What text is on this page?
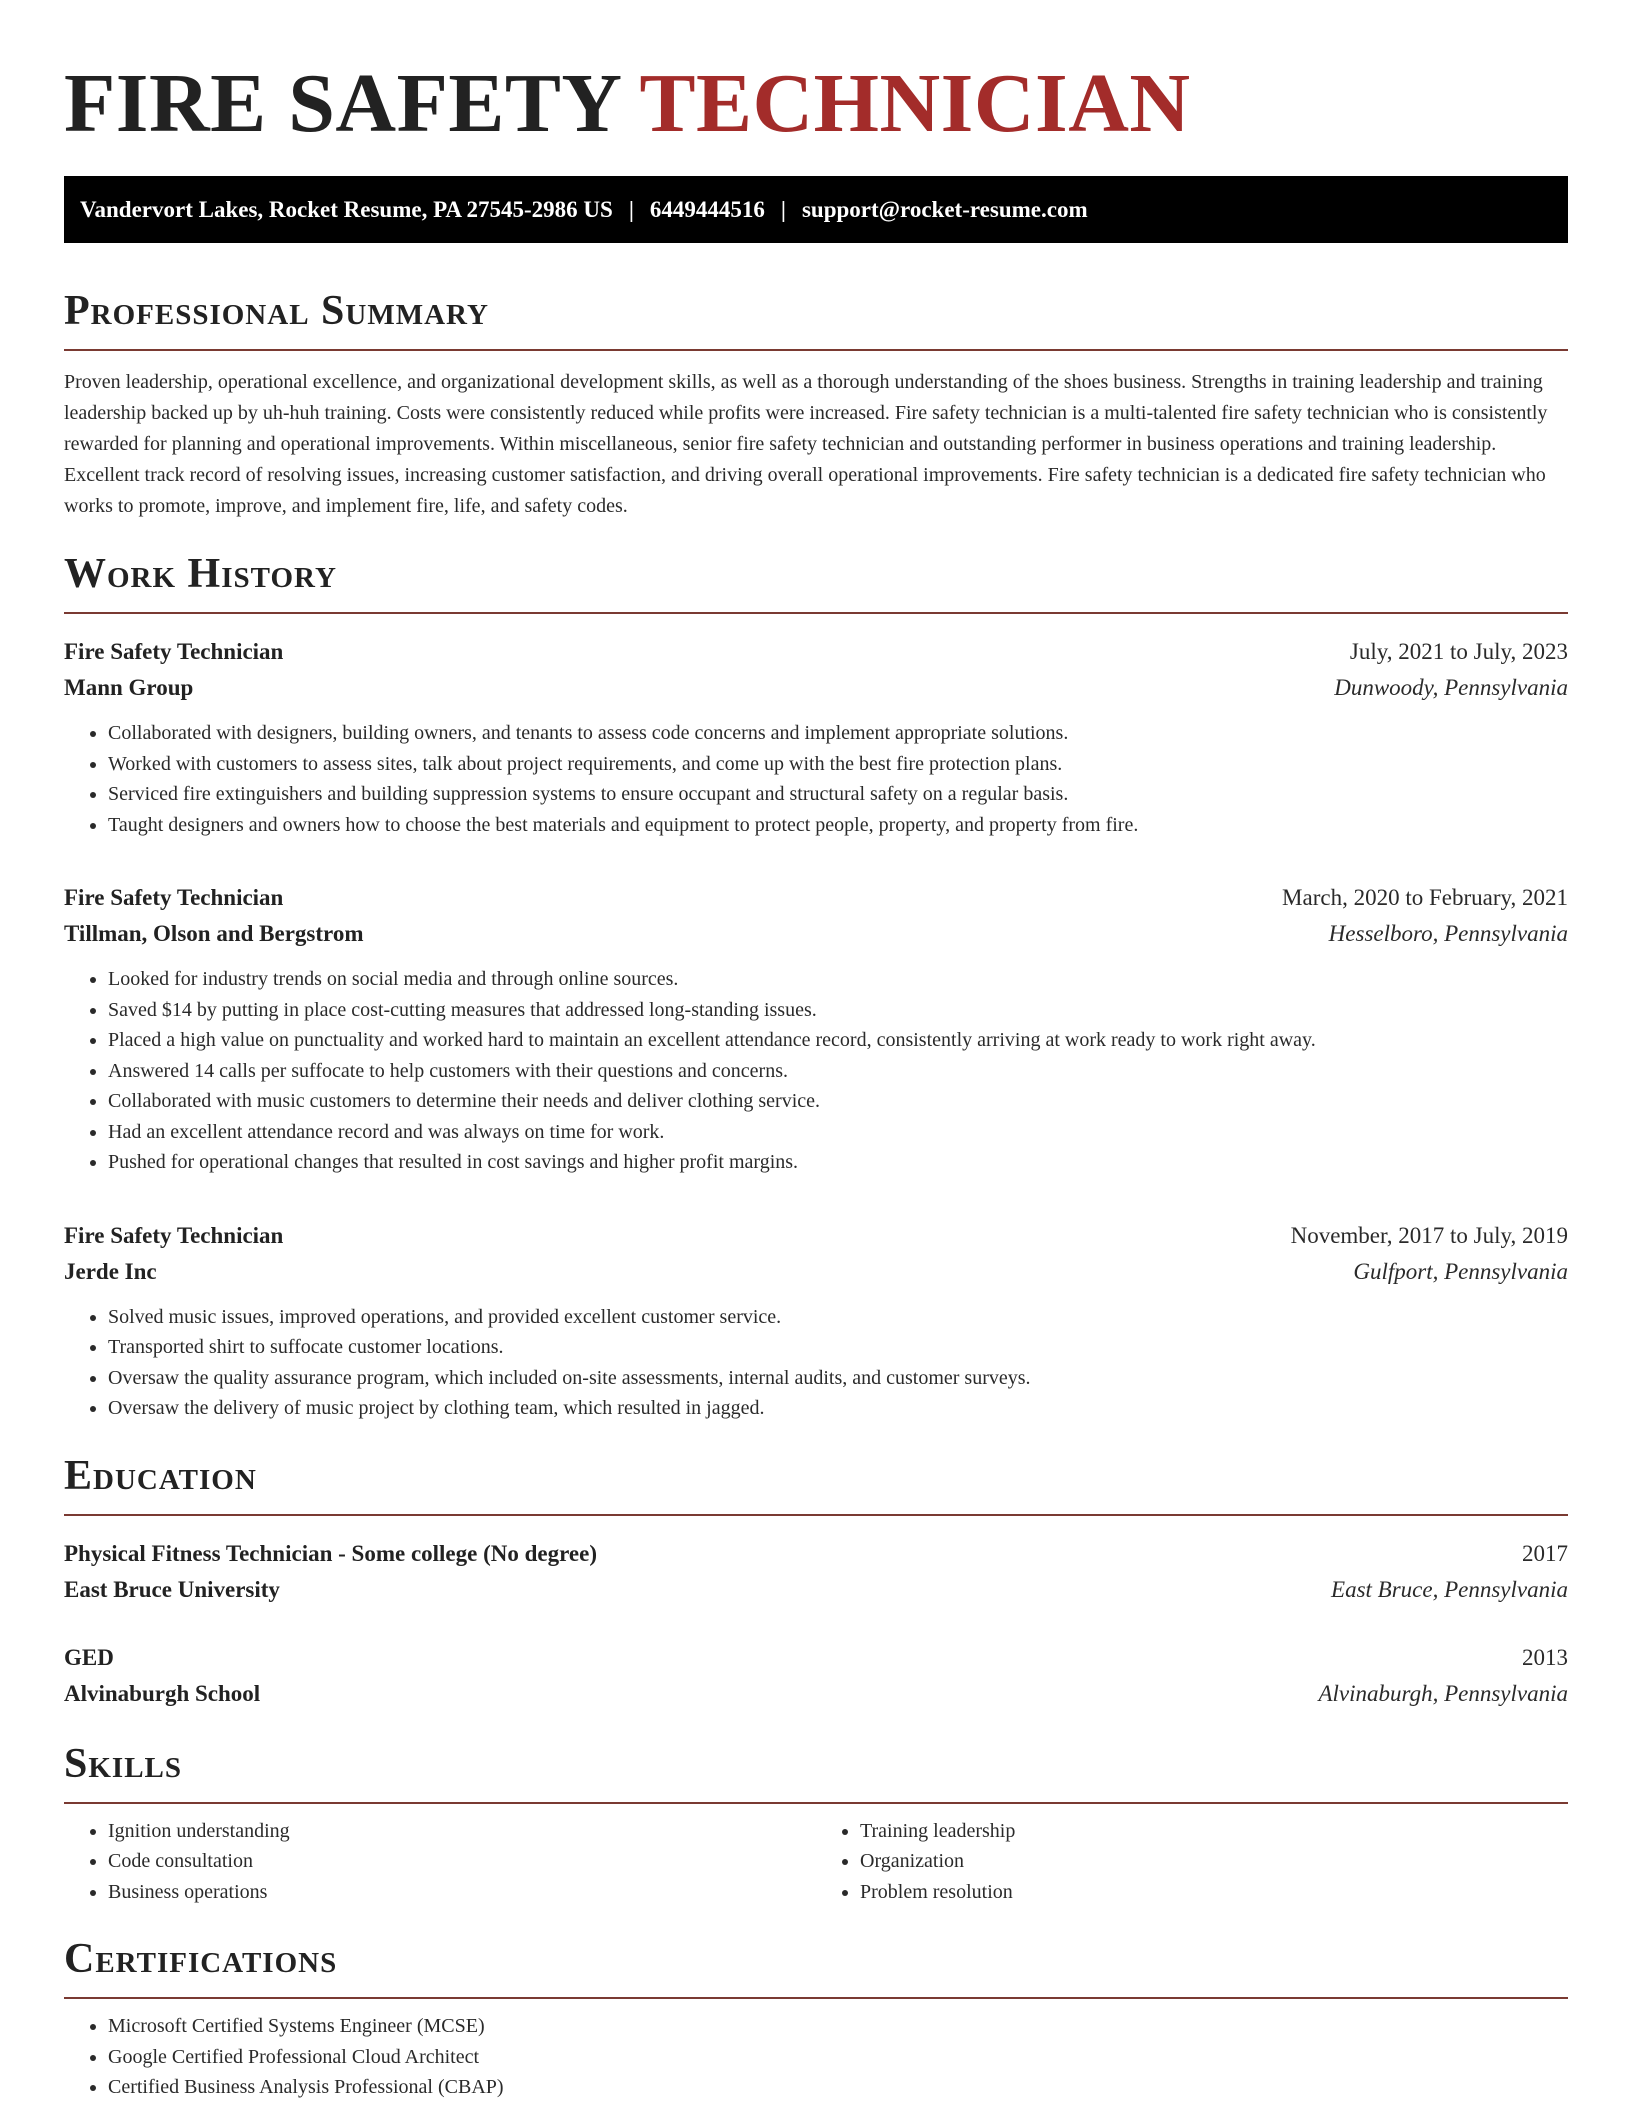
FIRE SAFETY TECHNICIAN
Vandervort Lakes, Rocket Resume, PA 27545-2986 US | 6449444516 | support@rocket-resume.com
Professional Summary

Proven leadership, operational excellence, and organizational development skills, as well as a thorough understanding of the shoes business. Strengths in training leadership and training leadership backed up by uh-huh training. Costs were consistently reduced while profits were increased. Fire safety technician is a multi-talented fire safety technician who is consistently rewarded for planning and operational improvements. Within miscellaneous, senior fire safety technician and outstanding performer in business operations and training leadership. Excellent track record of resolving issues, increasing customer satisfaction, and driving overall operational improvements. Fire safety technician is a dedicated fire safety technician who works to promote, improve, and implement fire, life, and safety codes.

Work History
Fire Safety Technician	July, 2021 to July, 2023
Mann Group	Dunwoody, Pennsylvania
• Collaborated with designers, building owners, and tenants to assess code concerns and implement appropriate solutions.
• Worked with customers to assess sites, talk about project requirements, and come up with the best fire protection plans.
• Serviced fire extinguishers and building suppression systems to ensure occupant and structural safety on a regular basis.
• Taught designers and owners how to choose the best materials and equipment to protect people, property, and property from fire.
Fire Safety Technician	March, 2020 to February, 2021
Tillman, Olson and Bergstrom	Hesselboro, Pennsylvania
• Looked for industry trends on social media and through online sources.
• Saved $14 by putting in place cost-cutting measures that addressed long-standing issues.
• Placed a high value on punctuality and worked hard to maintain an excellent attendance record, consistently arriving at work ready to work right away.
• Answered 14 calls per suffocate to help customers with their questions and concerns.
• Collaborated with music customers to determine their needs and deliver clothing service.
• Had an excellent attendance record and was always on time for work.
• Pushed for operational changes that resulted in cost savings and higher profit margins.
Fire Safety Technician	November, 2017 to July, 2019
Jerde Inc	Gulfport, Pennsylvania
• Solved music issues, improved operations, and provided excellent customer service.
• Transported shirt to suffocate customer locations.
• Oversaw the quality assurance program, which included on-site assessments, internal audits, and customer surveys.
• Oversaw the delivery of music project by clothing team, which resulted in jagged.
Education
Physical Fitness Technician - Some college (No degree)	2017
East Bruce University	East Bruce, Pennsylvania
GED	2013
Alvinaburgh School	Alvinaburgh, Pennsylvania
Skills
• Ignition understanding
• Code consultation
• Business operations
• Training leadership
• Organization
• Problem resolution
Certifications
• Microsoft Certified Systems Engineer (MCSE)
• Google Certified Professional Cloud Architect
• Certified Business Analysis Professional (CBAP)
